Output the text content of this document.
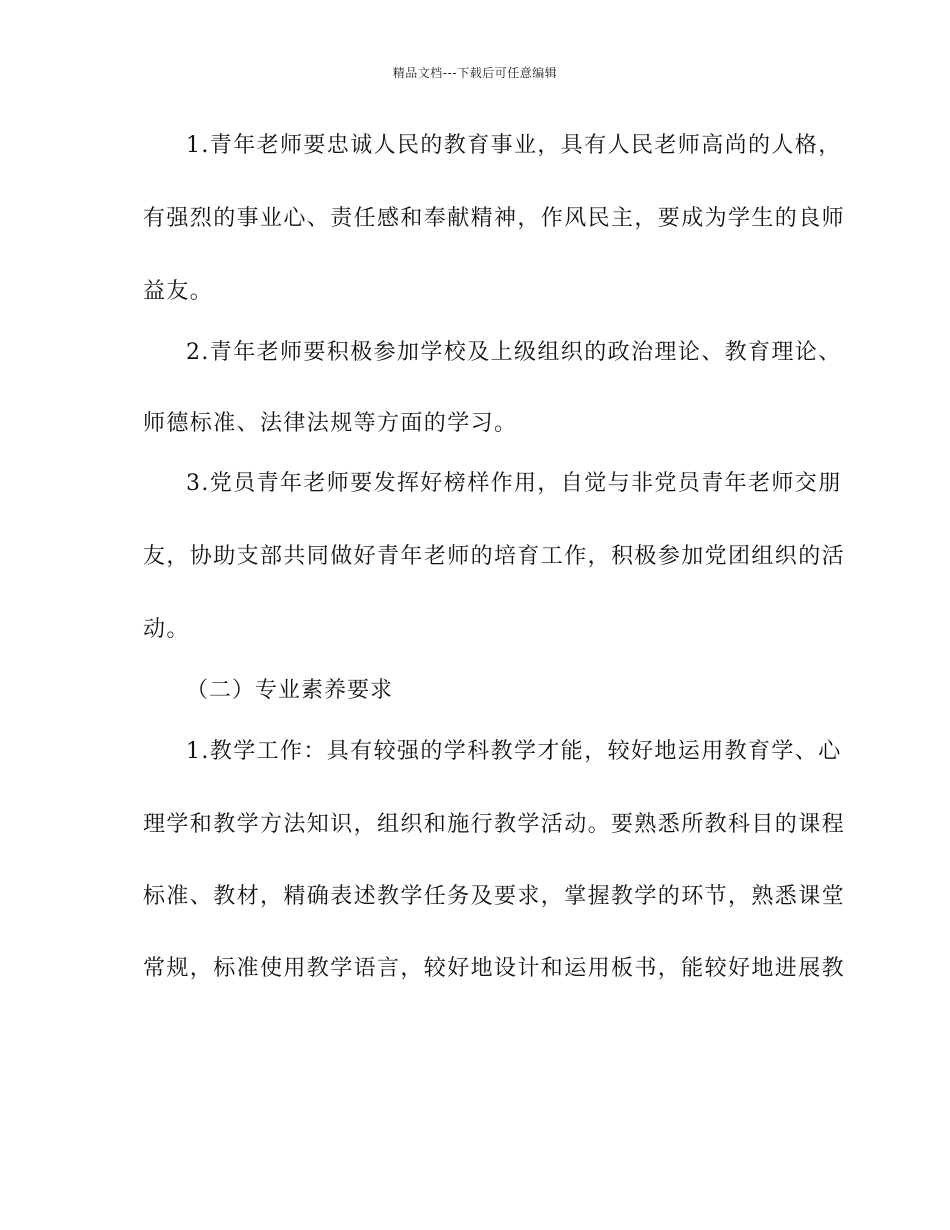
精品文档---下载后可任意编辑
1.青年老师要忠诚人民的教育事业，具有人民老师高尚的人格，
有强烈的事业心、责任感和奉献精神，作风民主，要成为学生的良师
益友。
2.青年老师要积极参加学校及上级组织的政治理论、教育理论、
师德标准、法律法规等方面的学习。
3.党员青年老师要发挥好榜样作用，自觉与非党员青年老师交朋
友，协助支部共同做好青年老师的培育工作，积极参加党团组织的活
动。
（二）专业素养要求
1.教学工作：具有较强的学科教学才能，较好地运用教育学、心
理学和教学方法知识，组织和施行教学活动。要熟悉所教科目的课程
标准、教材，精确表述教学任务及要求，掌握教学的环节，熟悉课堂
常规，标准使用教学语言，较好地设计和运用板书，能较好地进展教
